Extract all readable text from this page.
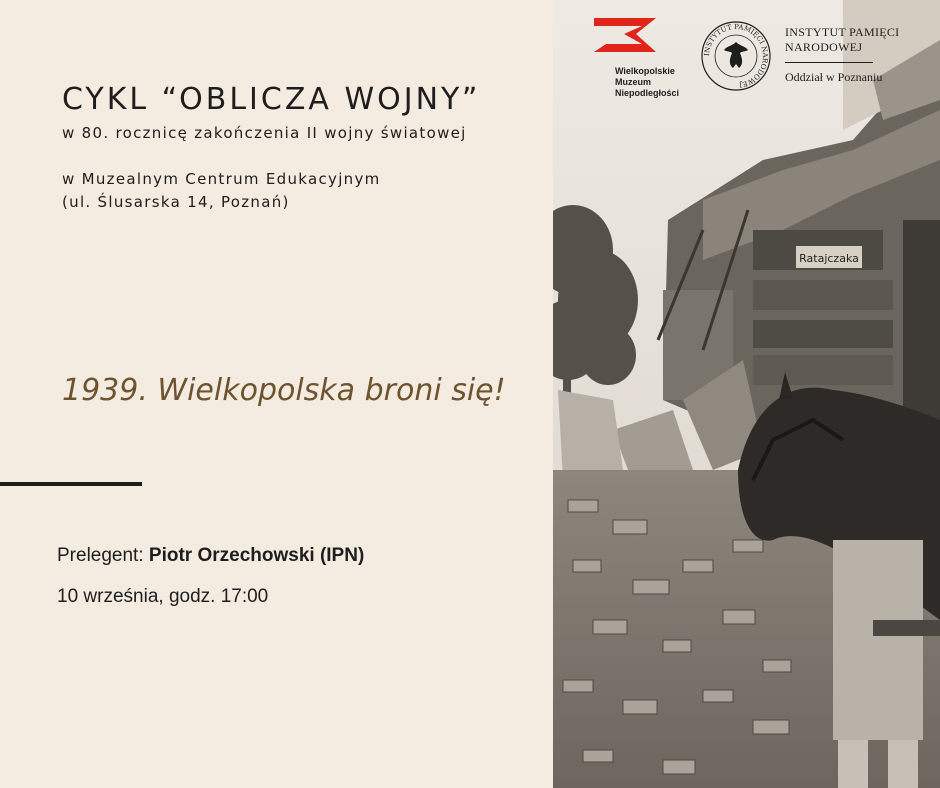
CYKL “OBLICZA WOJNY”
w 80. rocznicę zakończenia II wojny światowej
w Muzealnym Centrum Edukacyjnym
(ul. Ślusarska 14, Poznań)
1939. Wielkopolska broni się!
Prelegent: Piotr Orzechowski (IPN)
10 września, godz. 17:00
Ratajczaka
Wielkopolskie
Muzeum
Niepodległości
INSTYTUT PAMIĘCI NARODOWEJ
INSTYTUT PAMIĘCI
NARODOWEJ
Oddział w Poznaniu
